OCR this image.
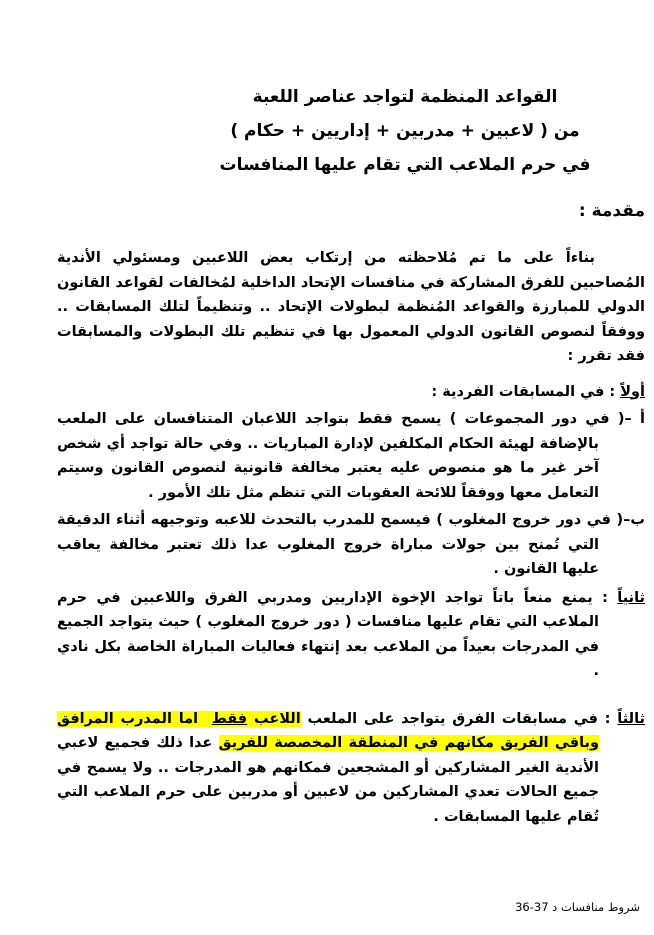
القواعد المنظمة لتواجد عناصر اللعبة
من ( لاعبين + مدربين + إداريين + حكام )
في حرم الملاعب التي تقام عليها المنافسات
مقدمة :

بناءاً على ما تم مُلاحظته من إرتكاب بعض اللاعبين ومسئولي الأندية المُصاحبين للفرق المشاركة في منافسات الإتحاد الداخلية لمُخالفات لقواعد القانون الدولي للمبارزة والقواعد المُنظمة لبطولات الإتحاد .. وتنظيماً لتلك المسابقات .. ووفقاً لنصوص القانون الدولي المعمول بها في تنظيم تلك البطولات والمسابقات فقد تقرر :

أولاً : في المسابقات الفردية :

أ –( في دور المجموعات ) يسمح فقط بتواجد اللاعبان المتنافسان على الملعب بالإضافة لهيئة الحكام المكلفين لإدارة المباريات .. وفي حالة تواجد أي شخص آخر غير ما هو منصوص عليه يعتبر مخالفة قانونية لنصوص القانون وسيتم التعامل معها ووفقاً للائحة العقوبات التي تنظم مثل تلك الأمور .

ب–( في دور خروج المغلوب ) فيسمح للمدرب بالتحدث للاعبه وتوجيهه أثناء الدقيقة التي تُمنح بين جولات مباراة خروج المغلوب عدا ذلك تعتبر مخالفة يعاقب عليها القانون .

ثانياً : يمنع منعاً باتاً تواجد الإخوة الإداريين ومدربي الفرق واللاعبين في حرم الملاعب التي تقام عليها منافسات ( دور خروج المغلوب ) حيث يتواجد الجميع في المدرجات بعيداً من الملاعب بعد إنتهاء فعاليات المباراة الخاصة بكل نادي .

ثالثاً : في مسابقات الفرق يتواجد على الملعب اللاعب فقط  اما المدرب المرافق وباقي الفريق مكانهم في المنطقة المخصصة للفريق عدا ذلك فجميع لاعبي الأندية الغير المشاركين أو المشجعين فمكانهم هو المدرجات .. ولا يسمح في جميع الحالات تعدي المشاركين من لاعبين أو مدربين على حرم الملاعب التي تُقام عليها المسابقات .

شروط منافسات د 37-36
